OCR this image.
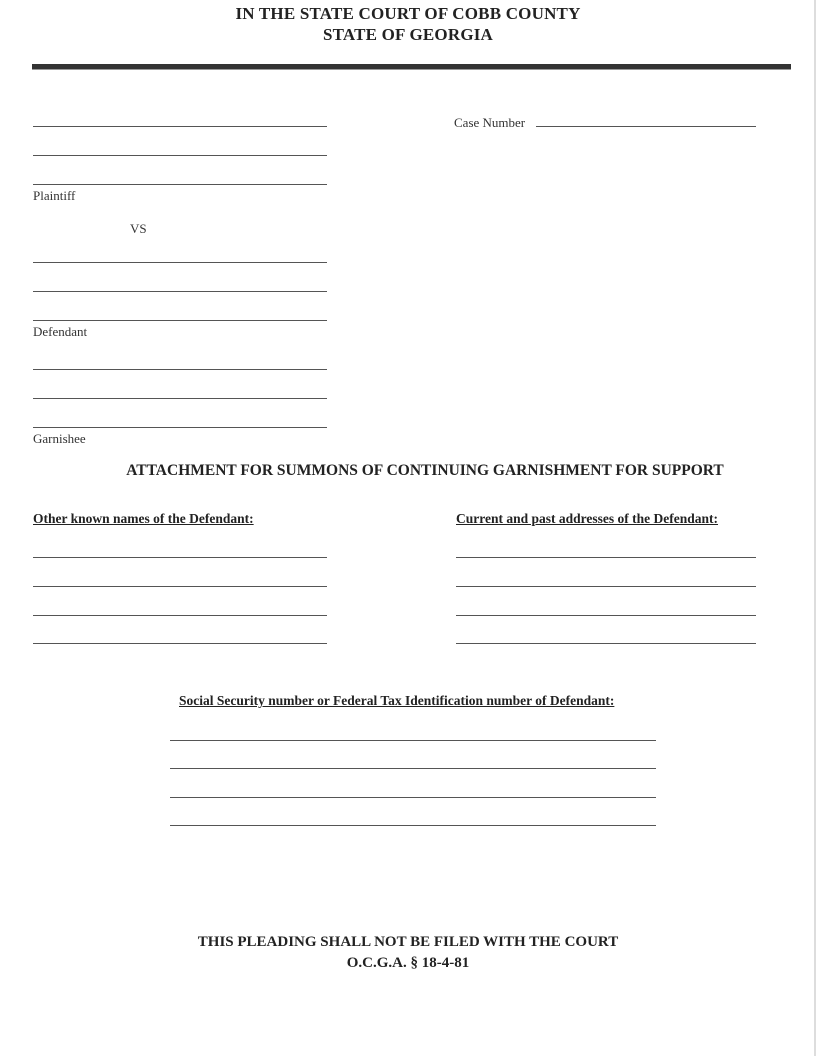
IN THE STATE COURT OF COBB COUNTY
STATE OF GEORGIA
Case Number
Plaintiff
VS
Defendant
Garnishee
ATTACHMENT FOR SUMMONS OF CONTINUING GARNISHMENT FOR SUPPORT
Other known names of the Defendant:	Current and past addresses of the Defendant:
Social Security number or Federal Tax Identification number of Defendant:
THIS PLEADING SHALL NOT BE FILED WITH THE COURT
O.C.G.A. § 18-4-81
